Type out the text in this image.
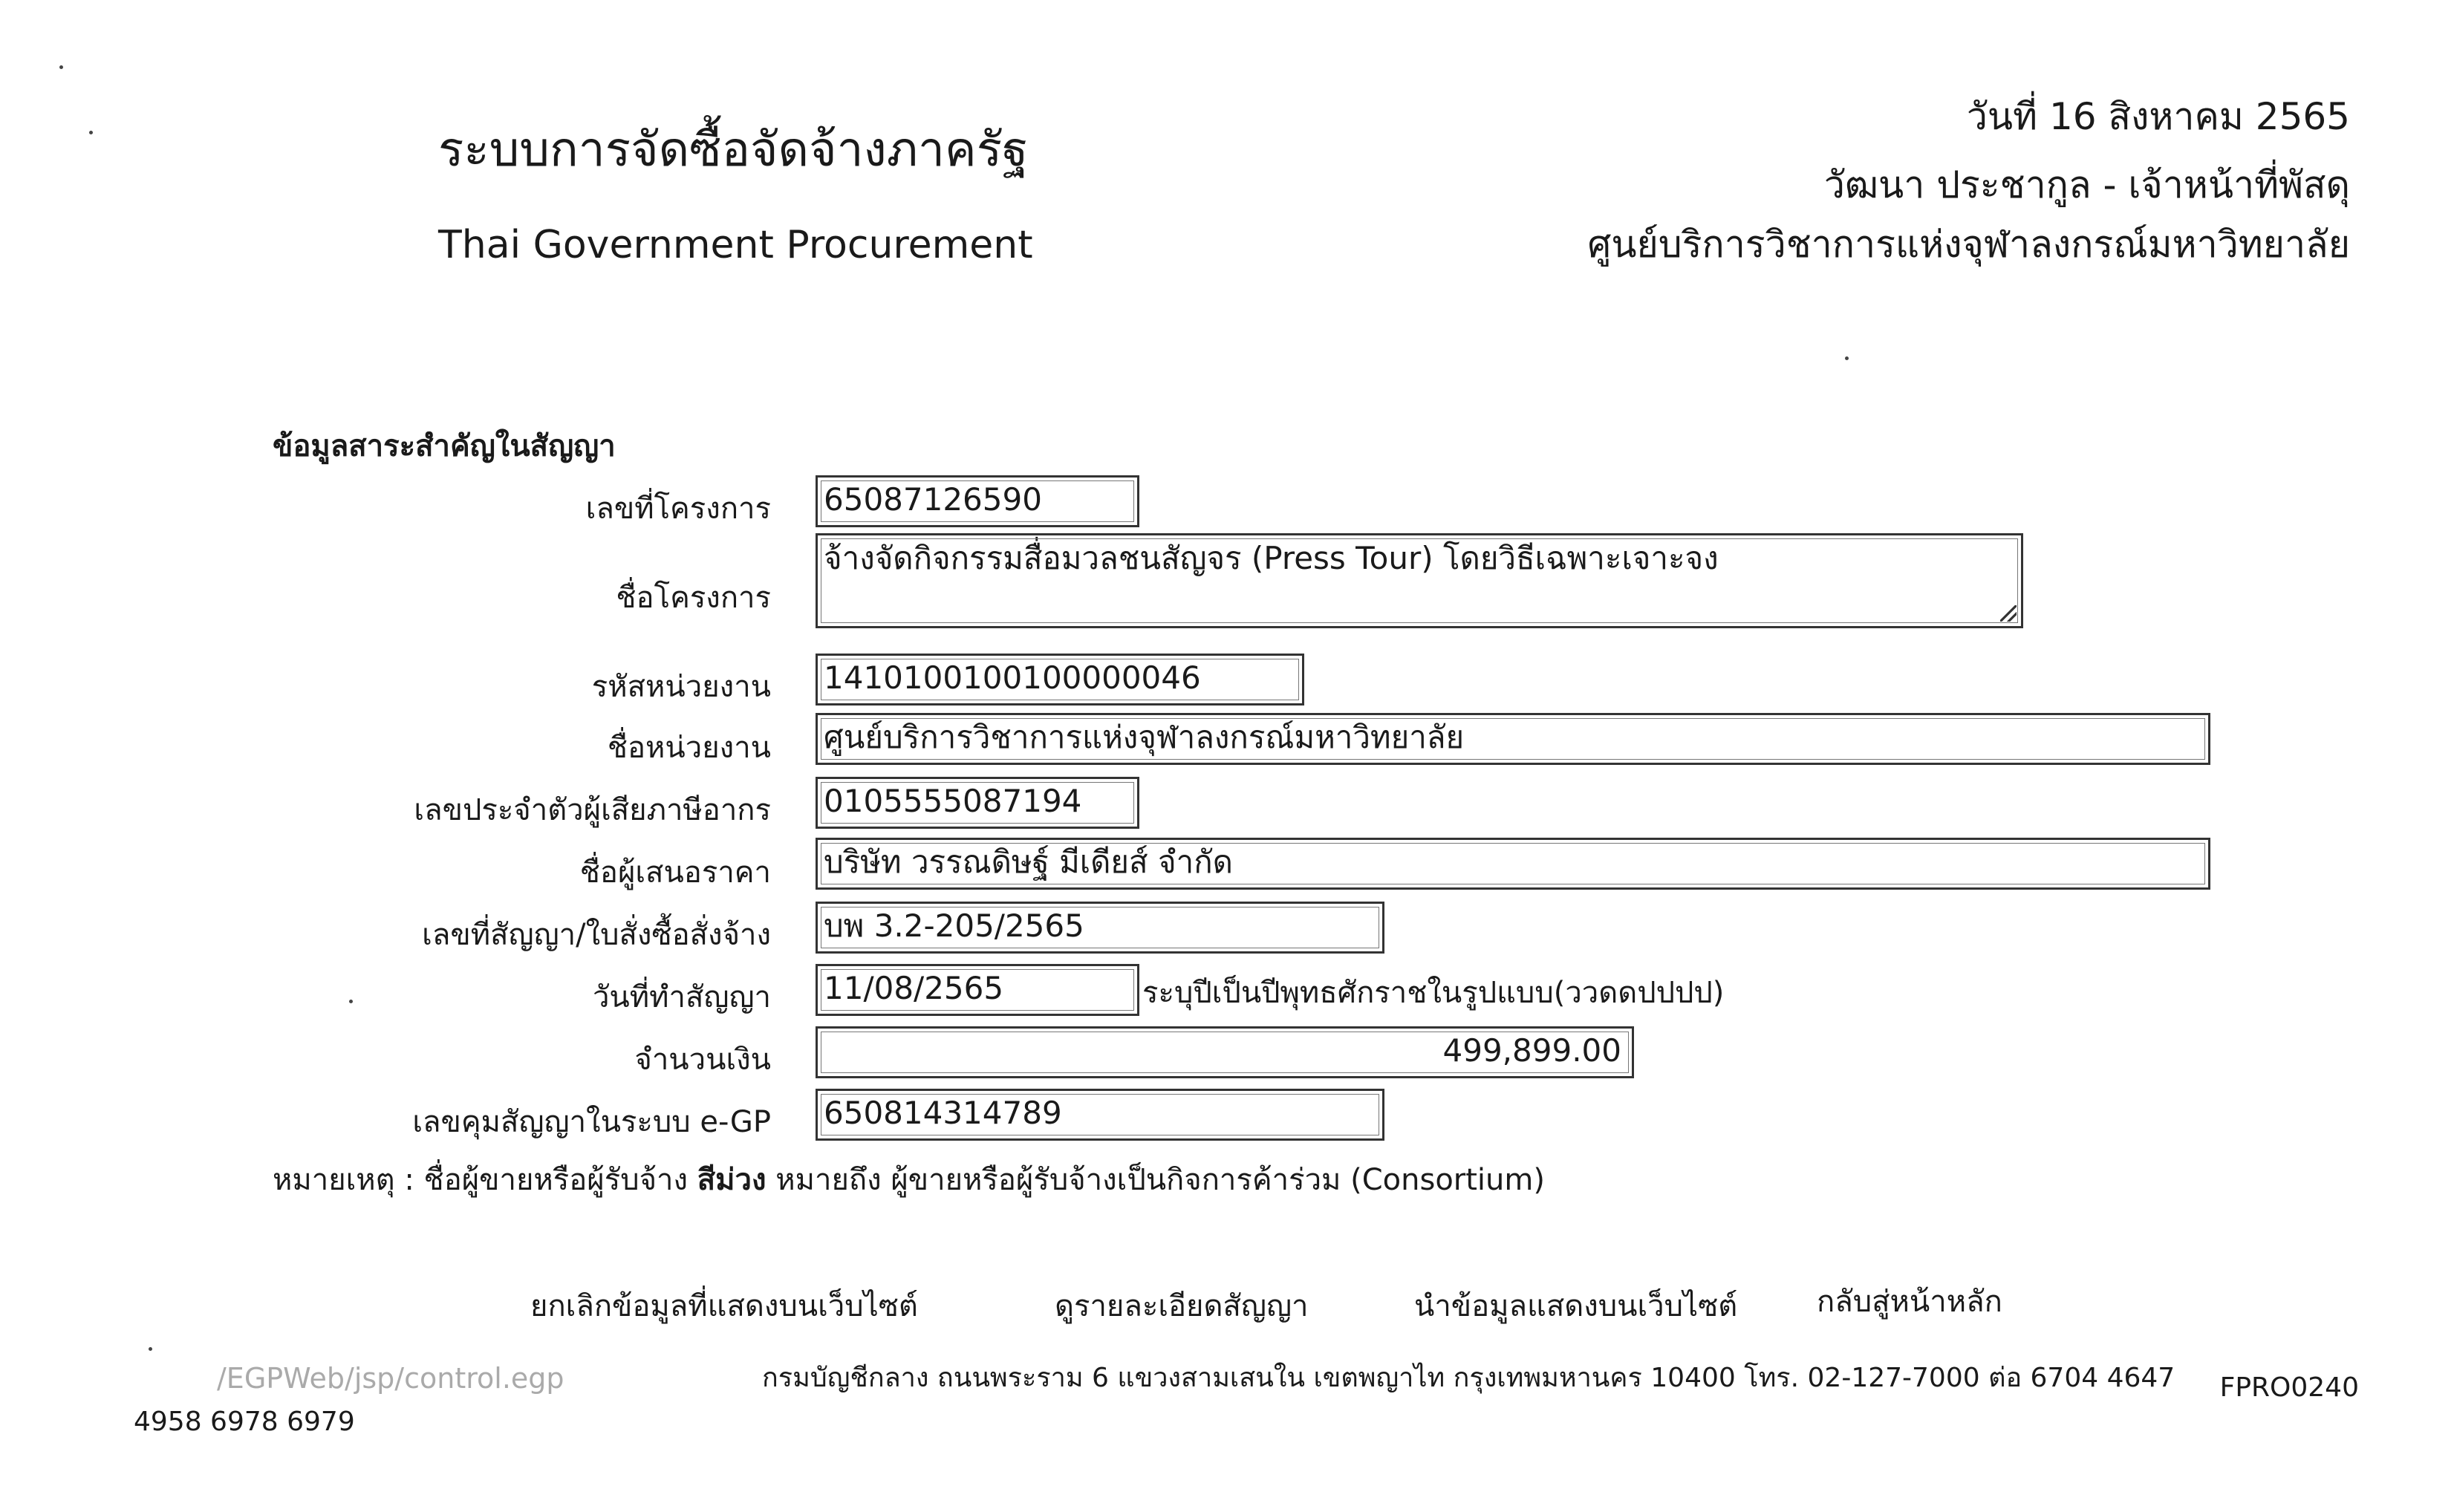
ระบบการจัดซื้อจัดจ้างภาครัฐ
Thai Government Procurement
วันที่ 16 สิงหาคม 2565
วัฒนา ประชากูล - เจ้าหน้าที่พัสดุ
ศูนย์บริการวิชาการแห่งจุฬาลงกรณ์มหาวิทยาลัย
ข้อมูลสาระสำคัญในสัญญา
เลขที่โครงการ 65087126590
ชื่อโครงการ
จ้างจัดกิจกรรมสื่อมวลชนสัญจร (Press Tour) โดยวิธีเฉพาะเจาะจง
รหัสหน่วยงาน 1410100100100000046
ชื่อหน่วยงาน ศูนย์บริการวิชาการแห่งจุฬาลงกรณ์มหาวิทยาลัย
เลขประจำตัวผู้เสียภาษีอากร 0105555087194
ชื่อผู้เสนอราคา บริษัท วรรณดิษฐ์ มีเดียส์ จำกัด
เลขที่สัญญา/ใบสั่งซื้อสั่งจ้าง บพ 3.2-205/2565
วันที่ทำสัญญา 11/08/2565	ระบุปีเป็นปีพุทธศักราชในรูปแบบ(ววดดปปปป)
จำนวนเงิน	499,899.00
เลขคุมสัญญาในระบบ e-GP 650814314789
หมายเหตุ : ชื่อผู้ขายหรือผู้รับจ้าง สีม่วง หมายถึง ผู้ขายหรือผู้รับจ้างเป็นกิจการค้าร่วม (Consortium)
ยกเลิกข้อมูลที่แสดงบนเว็บไซต์	ดูรายละเอียดสัญญา	นำข้อมูลแสดงบนเว็บไซต์	กลับสู่หน้าหลัก
/EGPWeb/jsp/control.egp	กรมบัญชีกลาง ถนนพระราม 6 แขวงสามเสนใน เขตพญาไท กรุงเทพมหานคร 10400 โทร. 02-127-7000 ต่อ 6704 4647
4958 6978 6979
FPRO0240
